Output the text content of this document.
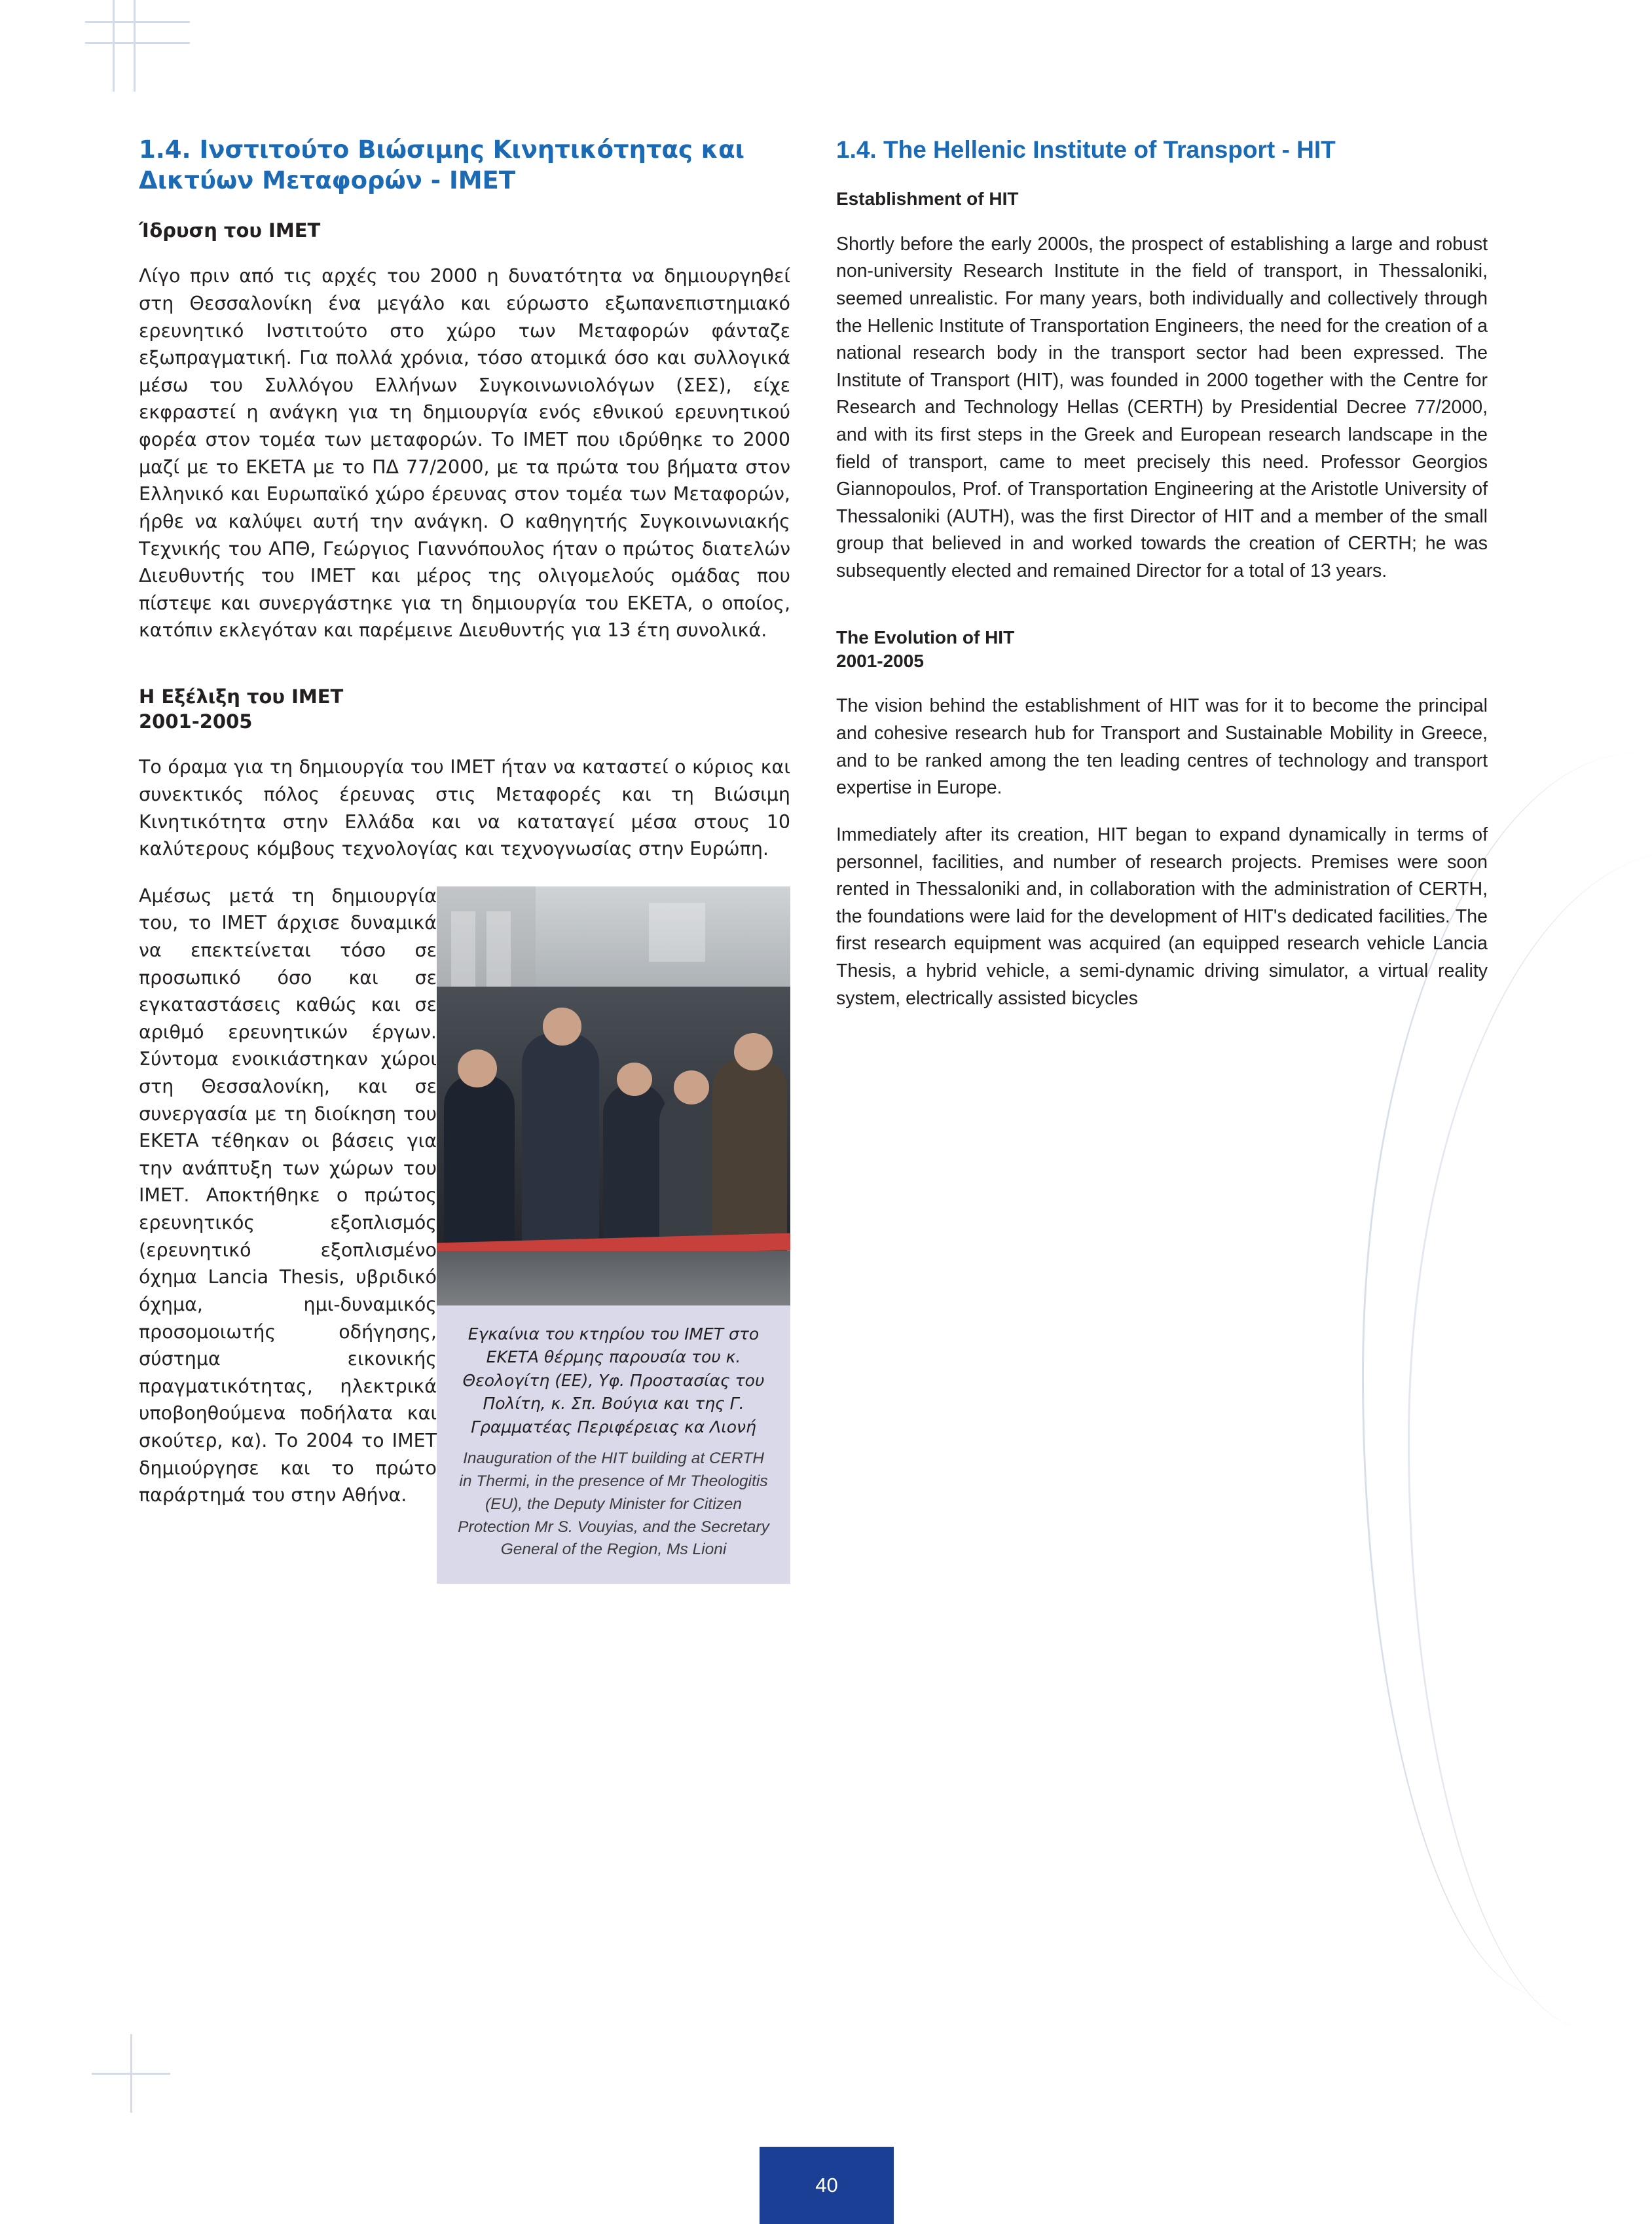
1.4. Ινστιτούτο Βιώσιμης Κινητικότητας και Δικτύων Μεταφορών - ΙΜΕΤ
Ίδρυση του ΙΜΕΤ

Λίγο πριν από τις αρχές του 2000 η δυνατότητα να δημιουργηθεί στη Θεσσαλονίκη ένα μεγάλο και εύρωστο εξωπανεπιστημιακό ερευνητικό Ινστιτούτο στο χώρο των Μεταφορών φάνταζε εξωπραγματική. Για πολλά χρόνια, τόσο ατομικά όσο και συλλογικά μέσω του Συλλόγου Ελλήνων Συγκοινωνιολόγων (ΣΕΣ), είχε εκφραστεί η ανάγκη για τη δημιουργία ενός εθνικού ερευνητικού φορέα στον τομέα των μεταφορών. Το ΙΜΕΤ που ιδρύθηκε το 2000 μαζί με το ΕΚΕΤΑ με το ΠΔ 77/2000, με τα πρώτα του βήματα στον Ελληνικό και Ευρωπαϊκό χώρο έρευνας στον τομέα των Μεταφορών, ήρθε να καλύψει αυτή την ανάγκη. Ο καθηγητής Συγκοινωνιακής Τεχνικής του ΑΠΘ, Γεώργιος Γιαννόπουλος ήταν ο πρώτος διατελών Διευθυντής του ΙΜΕΤ και μέρος της ολιγομελούς ομάδας που πίστεψε και συνεργάστηκε για τη δημιουργία του ΕΚΕΤΑ, ο οποίος, κατόπιν εκλεγόταν και παρέμεινε Διευθυντής για 13 έτη συνολικά.

Η Εξέλιξη του ΙΜΕΤ
2001-2005

Το όραμα για τη δημιουργία του ΙΜΕΤ ήταν να καταστεί ο κύριος και συνεκτικός πόλος έρευνας στις Μεταφορές και τη Βιώσιμη Κινητικότητα στην Ελλάδα και να καταταγεί μέσα στους 10 καλύτερους κόμβους τεχνολογίας και τεχνογνωσίας στην Ευρώπη.

Εγκαίνια του κτηρίου του ΙΜΕΤ στο ΕΚΕΤΑ θέρμης παρουσία του κ. Θεολογίτη (ΕΕ), Υφ. Προστασίας του Πολίτη, κ. Σπ. Βούγια και της Γ. Γραμματέας Περιφέρειας κα Λιονή

Inauguration of the HIT building at CERTH in Thermi, in the presence of Mr Theologitis (EU), the Deputy Minister for Citizen Protection Mr S. Vouyias, and the Secretary General of the Region, Ms Lioni

Αμέσως μετά τη δημιουργία του, το ΙΜΕΤ άρχισε δυναμικά να επεκτείνεται τόσο σε προσωπικό όσο και σε εγκαταστάσεις καθώς και σε αριθμό ερευνητικών έργων. Σύντομα ενοικιάστηκαν χώροι στη Θεσσαλονίκη, και σε συνεργασία με τη διοίκηση του ΕΚΕΤΑ τέθηκαν οι βάσεις για την ανάπτυξη των χώρων του ΙΜΕΤ. Αποκτήθηκε ο πρώτος ερευνητικός εξοπλισμός (ερευνητικό εξοπλισμένο όχημα Lancia Thesis, υβριδικό όχημα, ημι-δυναμικός προσομοιωτής οδήγησης, σύστημα εικονικής πραγματικότητας, ηλεκτρικά υποβοηθούμενα ποδήλατα και σκούτερ, κα). Το 2004 το ΙΜΕΤ δημιούργησε και το πρώτο παράρτημά του στην Αθήνα.

1.4. The Hellenic Institute of Transport - HIT
Establishment of HIT

Shortly before the early 2000s, the prospect of establishing a large and robust non-university Research Institute in the field of transport, in Thessaloniki, seemed unrealistic. For many years, both individually and collectively through the Hellenic Institute of Transportation Engineers, the need for the creation of a national research body in the transport sector had been expressed. The Institute of Transport (HIT), was founded in 2000 together with the Centre for Research and Technology Hellas (CERTH) by Presidential Decree 77/2000, and with its first steps in the Greek and European research landscape in the field of transport, came to meet precisely this need. Professor Georgios Giannopoulos, Prof. of Transportation Engineering at the Aristotle University of Thessaloniki (AUTH), was the first Director of HIT and a member of the small group that believed in and worked towards the creation of CERTH; he was subsequently elected and remained Director for a total of 13 years.

The Evolution of HIT
2001-2005

The vision behind the establishment of HIT was for it to become the principal and cohesive research hub for Transport and Sustainable Mobility in Greece, and to be ranked among the ten leading centres of technology and transport expertise in Europe.

Immediately after its creation, HIT began to expand dynamically in terms of personnel, facilities, and number of research projects. Premises were soon rented in Thessaloniki and, in collaboration with the administration of CERTH, the foundations were laid for the development of HIT's dedicated facilities. The first research equipment was acquired (an equipped research vehicle Lancia Thesis, a hybrid vehicle, a semi-dynamic driving simulator, a virtual reality system, electrically assisted bicycles

40
